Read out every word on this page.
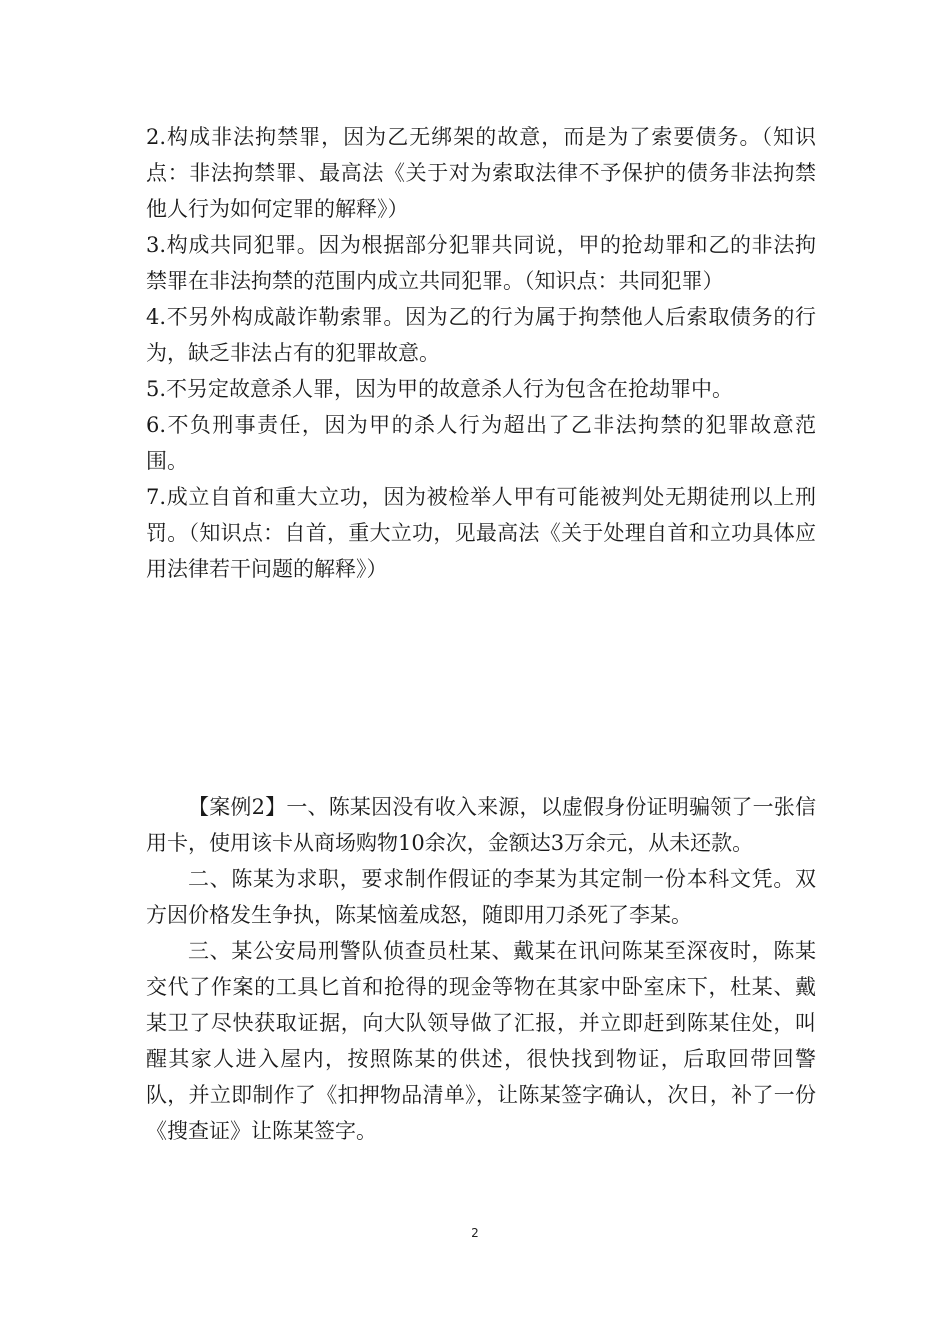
2.构成非法拘禁罪，因为乙无绑架的故意，而是为了索要债务。（知识点：非法拘禁罪、最高法《关于对为索取法律不予保护的债务非法拘禁他人行为如何定罪的解释》）

3.构成共同犯罪。因为根据部分犯罪共同说，甲的抢劫罪和乙的非法拘禁罪在非法拘禁的范围内成立共同犯罪。（知识点：共同犯罪）

4.不另外构成敲诈勒索罪。因为乙的行为属于拘禁他人后索取债务的行为，缺乏非法占有的犯罪故意。

5.不另定故意杀人罪，因为甲的故意杀人行为包含在抢劫罪中。

6.不负刑事责任，因为甲的杀人行为超出了乙非法拘禁的犯罪故意范围。

7.成立自首和重大立功，因为被检举人甲有可能被判处无期徒刑以上刑罚。（知识点：自首，重大立功，见最高法《关于处理自首和立功具体应用法律若干问题的解释》）

【案例2】一、陈某因没有收入来源，以虚假身份证明骗领了一张信用卡，使用该卡从商场购物10余次，金额达3万余元，从未还款。

二、陈某为求职，要求制作假证的李某为其定制一份本科文凭。双方因价格发生争执，陈某恼羞成怒，随即用刀杀死了李某。

三、某公安局刑警队侦查员杜某、戴某在讯问陈某至深夜时，陈某交代了作案的工具匕首和抢得的现金等物在其家中卧室床下，杜某、戴某卫了尽快获取证据，向大队领导做了汇报，并立即赶到陈某住处，叫醒其家人进入屋内，按照陈某的供述，很快找到物证，后取回带回警队，并立即制作了《扣押物品清单》，让陈某签字确认，次日，补了一份《搜查证》让陈某签字。

2
